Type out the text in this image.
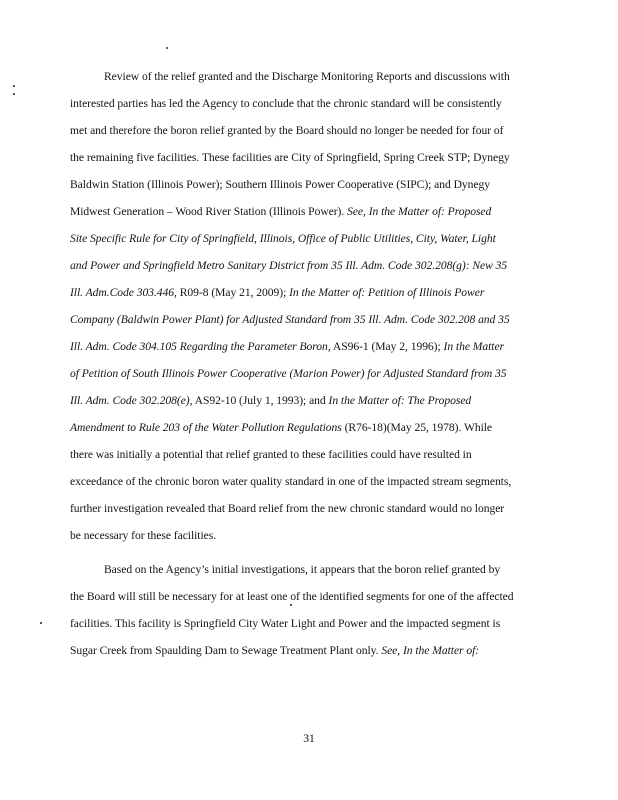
Review of the relief granted and the Discharge Monitoring Reports and discussions with
interested parties has led the Agency to conclude that the chronic standard will be consistently
met and therefore the boron relief granted by the Board should no longer be needed for four of
the remaining five facilities. These facilities are City of Springfield, Spring Creek STP; Dynegy
Baldwin Station (Illinois Power); Southern Illinois Power Cooperative (SIPC); and Dynegy
Midwest Generation – Wood River Station (Illinois Power). See, In the Matter of: Proposed
Site Specific Rule for City of Springfield, Illinois, Office of Public Utilities, City, Water, Light
and Power and Springfield Metro Sanitary District from 35 Ill. Adm. Code 302.208(g): New 35
Ill. Adm.Code 303.446, R09-8 (May 21, 2009); In the Matter of: Petition of Illinois Power
Company (Baldwin Power Plant) for Adjusted Standard from 35 Ill. Adm. Code 302.208 and 35
Ill. Adm. Code 304.105 Regarding the Parameter Boron, AS96-1 (May 2, 1996); In the Matter
of Petition of South Illinois Power Cooperative (Marion Power) for Adjusted Standard from 35
Ill. Adm. Code 302.208(e), AS92-10 (July 1, 1993); and In the Matter of: The Proposed
Amendment to Rule 203 of the Water Pollution Regulations (R76-18)(May 25, 1978). While
there was initially a potential that relief granted to these facilities could have resulted in
exceedance of the chronic boron water quality standard in one of the impacted stream segments,
further investigation revealed that Board relief from the new chronic standard would no longer
be necessary for these facilities.
Based on the Agency’s initial investigations, it appears that the boron relief granted by
the Board will still be necessary for at least one of the identified segments for one of the affected
facilities. This facility is Springfield City Water Light and Power and the impacted segment is
Sugar Creek from Spaulding Dam to Sewage Treatment Plant only. See, In the Matter of:
31
